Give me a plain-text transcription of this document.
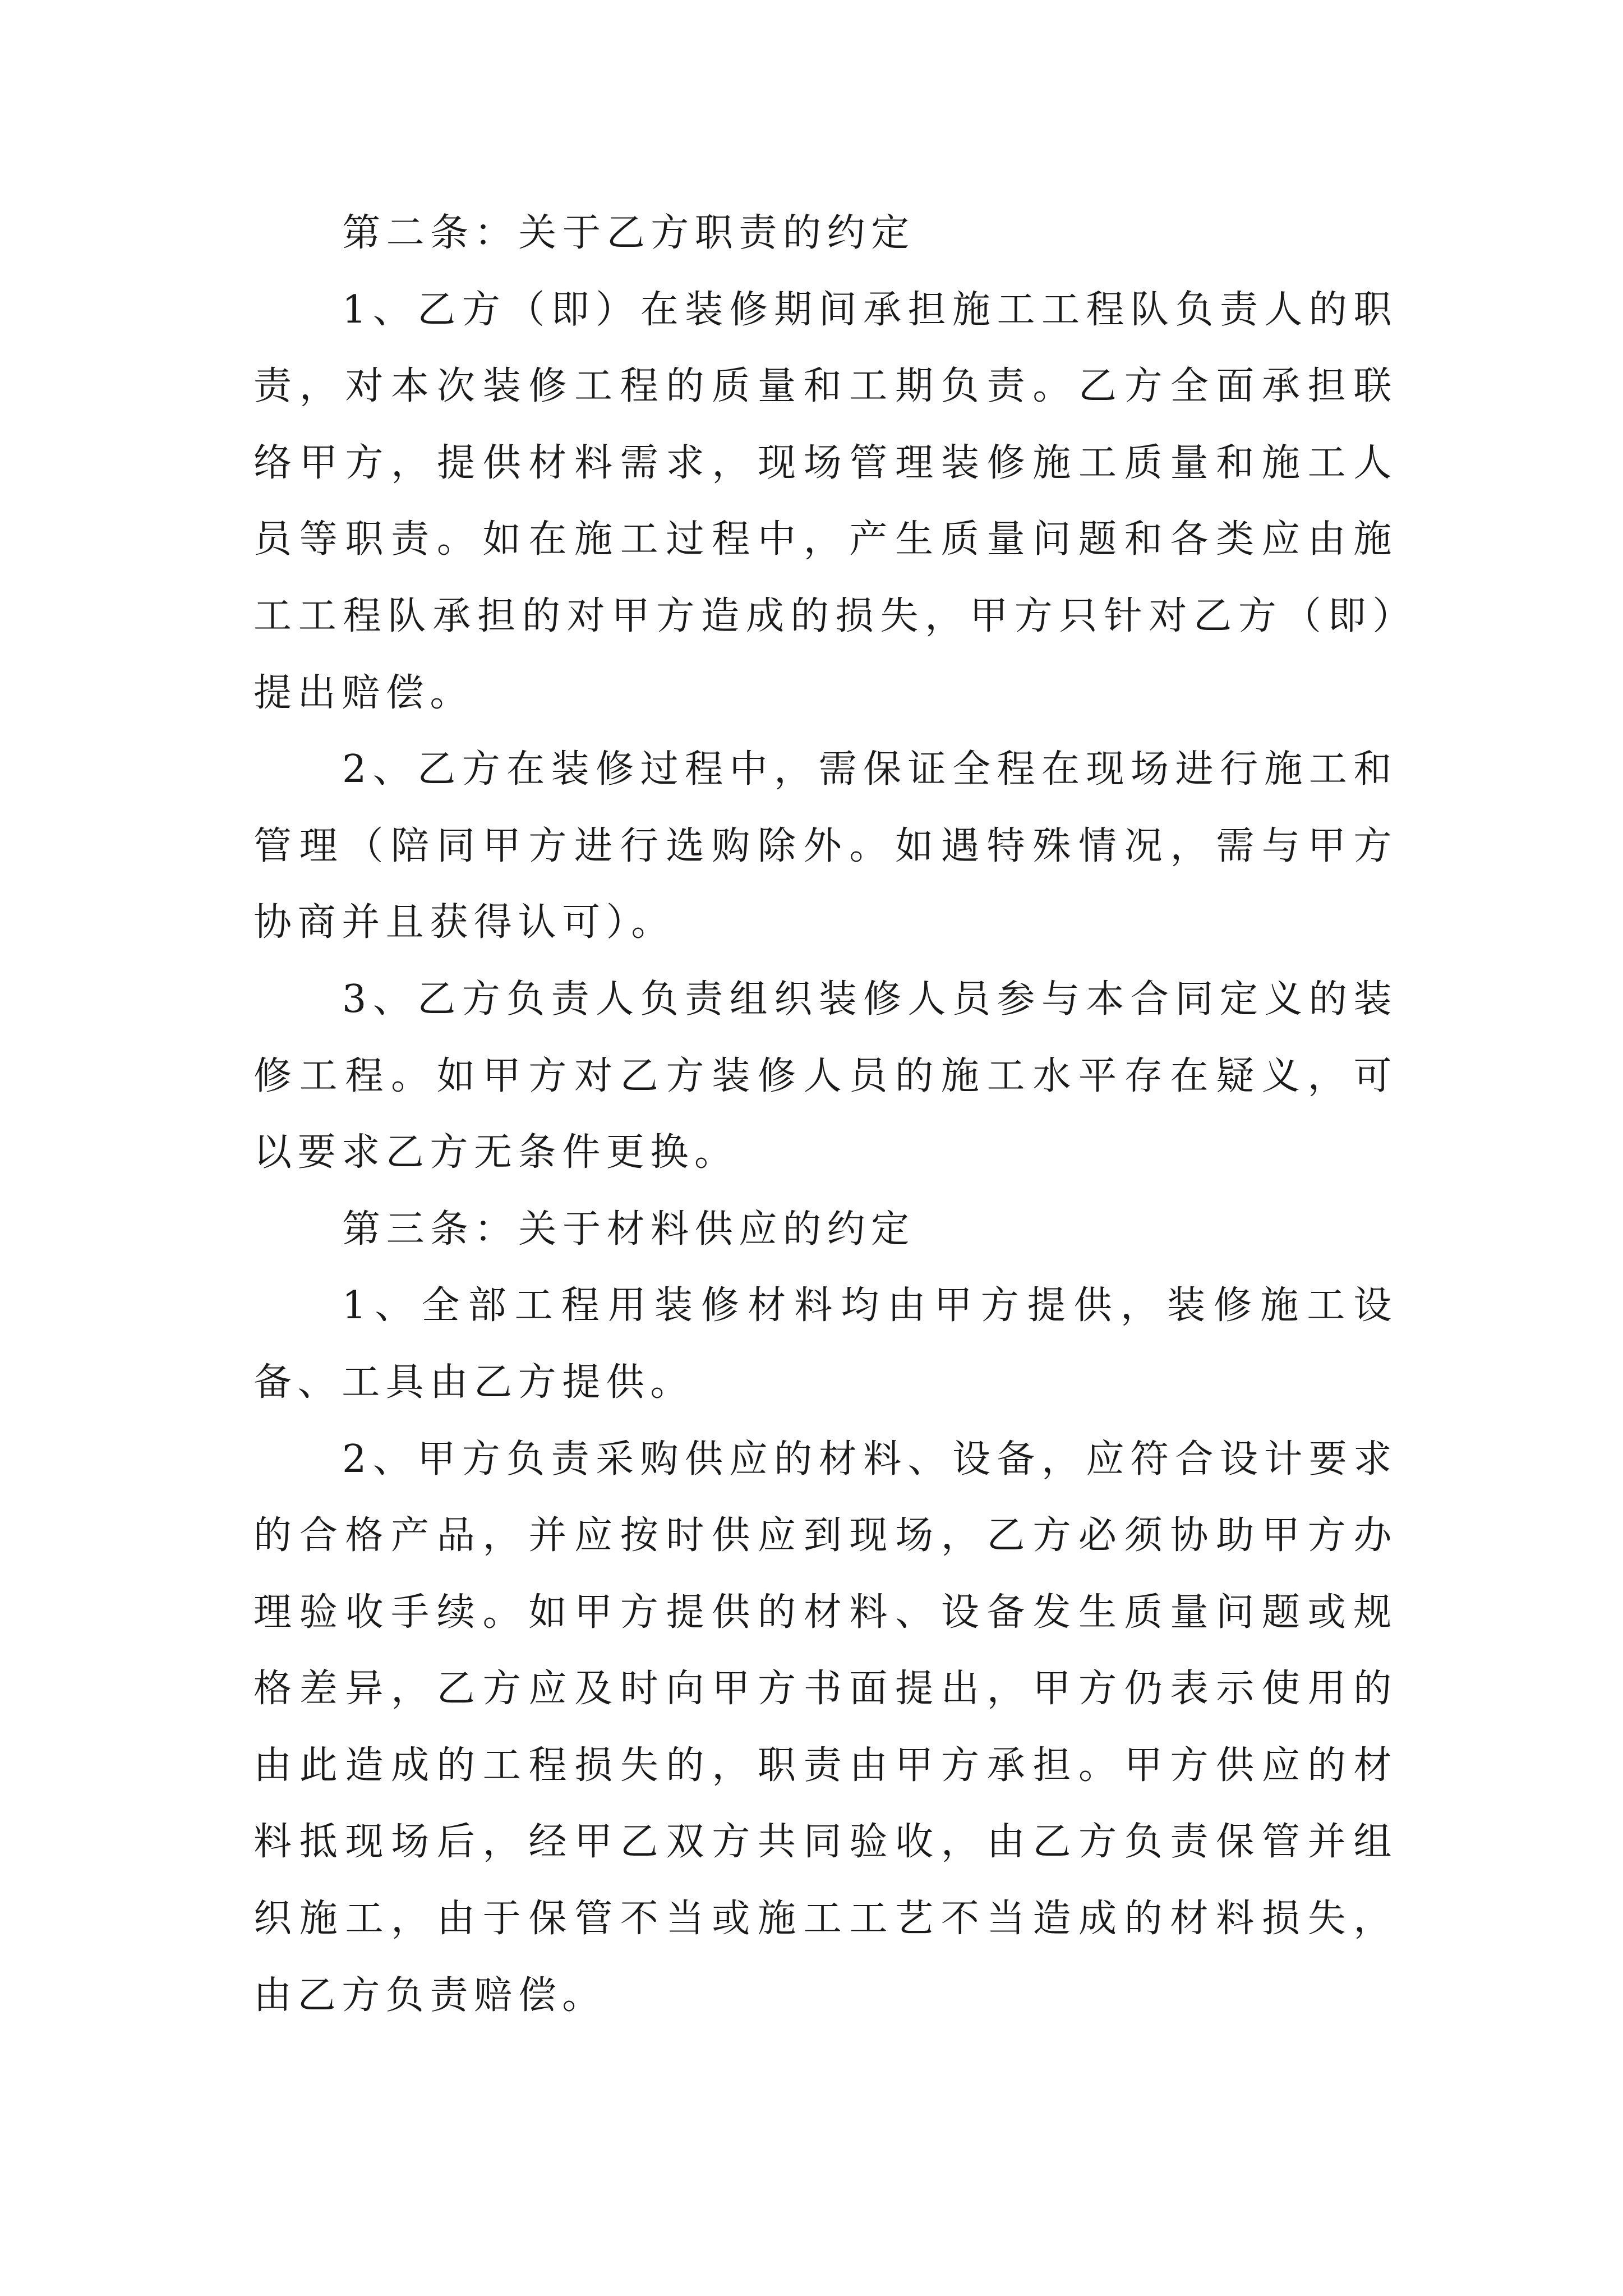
第二条：关于乙方职责的约定

1、乙方（即）在装修期间承担施工工程队负责人的职责，对本次装修工程的质量和工期负责。乙方全面承担联络甲方，提供材料需求，现场管理装修施工质量和施工人员等职责。如在施工过程中，产生质量问题和各类应由施工工程队承担的对甲方造成的损失，甲方只针对乙方（即）提出赔偿。

2、乙方在装修过程中，需保证全程在现场进行施工和管理（陪同甲方进行选购除外。如遇特殊情况，需与甲方协商并且获得认可）。

3、乙方负责人负责组织装修人员参与本合同定义的装修工程。如甲方对乙方装修人员的施工水平存在疑义，可以要求乙方无条件更换。

第三条：关于材料供应的约定

1、全部工程用装修材料均由甲方提供，装修施工设备、工具由乙方提供。

2、甲方负责采购供应的材料、设备，应符合设计要求的合格产品，并应按时供应到现场，乙方必须协助甲方办理验收手续。如甲方提供的材料、设备发生质量问题或规格差异，乙方应及时向甲方书面提出，甲方仍表示使用的由此造成的工程损失的，职责由甲方承担。甲方供应的材料抵现场后，经甲乙双方共同验收，由乙方负责保管并组织施工，由于保管不当或施工工艺不当造成的材料损失，由乙方负责赔偿。
